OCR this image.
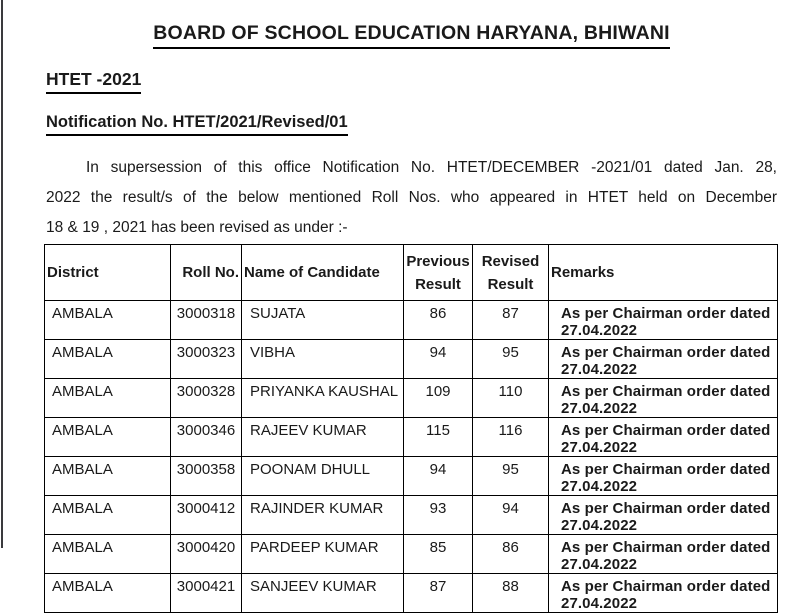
BOARD OF SCHOOL EDUCATION HARYANA, BHIWANI
HTET -2021
Notification No. HTET/2021/Revised/01
In supersession of this office Notification No. HTET/DECEMBER -2021/01 dated Jan. 28,
2022 the result/s of the below mentioned Roll Nos. who appeared in HTET held on December
18 & 19 , 2021 has been revised as under :-
District	Roll No.	Name of Candidate	Previous Result	Revised Result	Remarks
AMBALA	3000318	SUJATA	86	87	As per Chairman order dated 27.04.2022
AMBALA	3000323	VIBHA	94	95	As per Chairman order dated 27.04.2022
AMBALA	3000328	PRIYANKA KAUSHAL	109	110	As per Chairman order dated 27.04.2022
AMBALA	3000346	RAJEEV KUMAR	115	116	As per Chairman order dated 27.04.2022
AMBALA	3000358	POONAM DHULL	94	95	As per Chairman order dated 27.04.2022
AMBALA	3000412	RAJINDER KUMAR	93	94	As per Chairman order dated 27.04.2022
AMBALA	3000420	PARDEEP KUMAR	85	86	As per Chairman order dated 27.04.2022
AMBALA	3000421	SANJEEV KUMAR	87	88	As per Chairman order dated 27.04.2022
